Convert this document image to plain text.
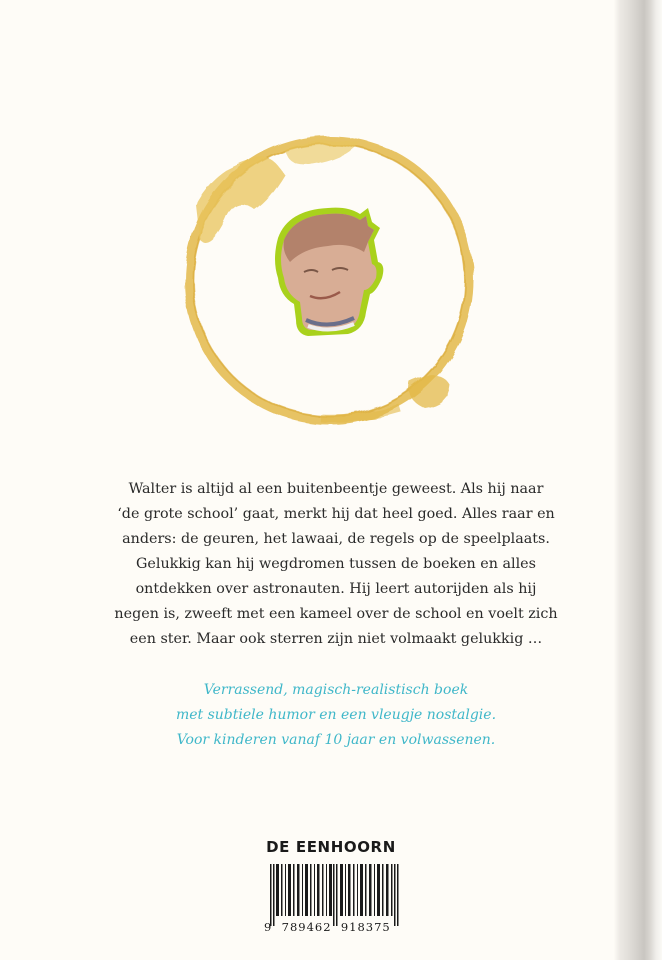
Walter is altijd al een buitenbeentje geweest. Als hij naar

‘de grote school’ gaat, merkt hij dat heel goed. Alles raar en

anders: de geuren, het lawaai, de regels op de speelplaats.

Gelukkig kan hij wegdromen tussen de boeken en alles

ontdekken over astronauten. Hij leert autorijden als hij

negen is, zweeft met een kameel over de school en voelt zich

een ster. Maar ook sterren zijn niet volmaakt gelukkig …

Verrassend, magisch-realistisch boek

met subtiele humor en een vleugje nostalgie.

Voor kinderen vanaf 10 jaar en volwassenen.

DE EENHOORN
9  789462  918375
